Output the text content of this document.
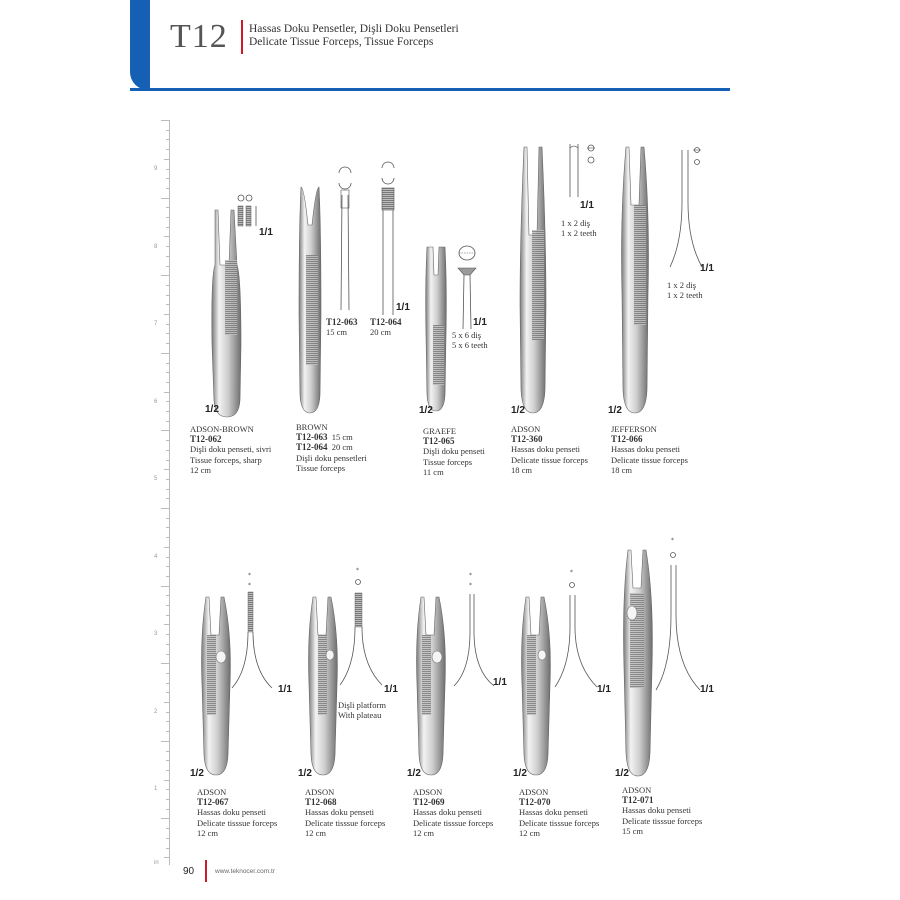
T12 Hassas Doku Pensetler, Dişli Doku Pensetleri
Delicate Tissue Forceps, Tissue Forceps
9
8
7
6
5
4
3
2
1
in
1/1
1/2
ADSON-BROWN
T12-062
Dişli doku penseti, sivri
Tissue forceps, sharp
12 cm
1/1
T12-063
15 cm
T12-064
20 cm
BROWN
T12-063 15 cm
T12-064 20 cm
Dişli doku pensetleri
Tissue forceps
1/1
5 x 6 diş
5 x 6 teeth
1/2
GRAEFE
T12-065
Dişli doku penseti
Tissue forceps
11 cm
1/1
1 x 2 diş
1 x 2 teeth
1/2
ADSON
T12-360
Hassas doku penseti
Delicate tissue forceps
18 cm
1/1
1 x 2 diş
1 x 2 teeth
1/2
JEFFERSON
T12-066
Hassas doku penseti
Delicate tissue forceps
18 cm
*
*
1/1
1/2
ADSON
T12-067
Hassas doku penseti
Delicate tisssue forceps
12 cm
*
1/1
Dişli platform
With plateau
1/2
ADSON
T12-068
Hassas doku penseti
Delicate tisssue forceps
12 cm
*
*
1/1
1/2
ADSON
T12-069
Hassas doku penseti
Delicate tisssue forceps
12 cm
*
1/1
1/2
ADSON
T12-070
Hassas doku penseti
Delicate tisssue forceps
12 cm
*
1/1
1/2
ADSON
T12-071
Hassas doku penseti
Delicate tisssue forceps
15 cm
90	www.teknocer.com.tr
